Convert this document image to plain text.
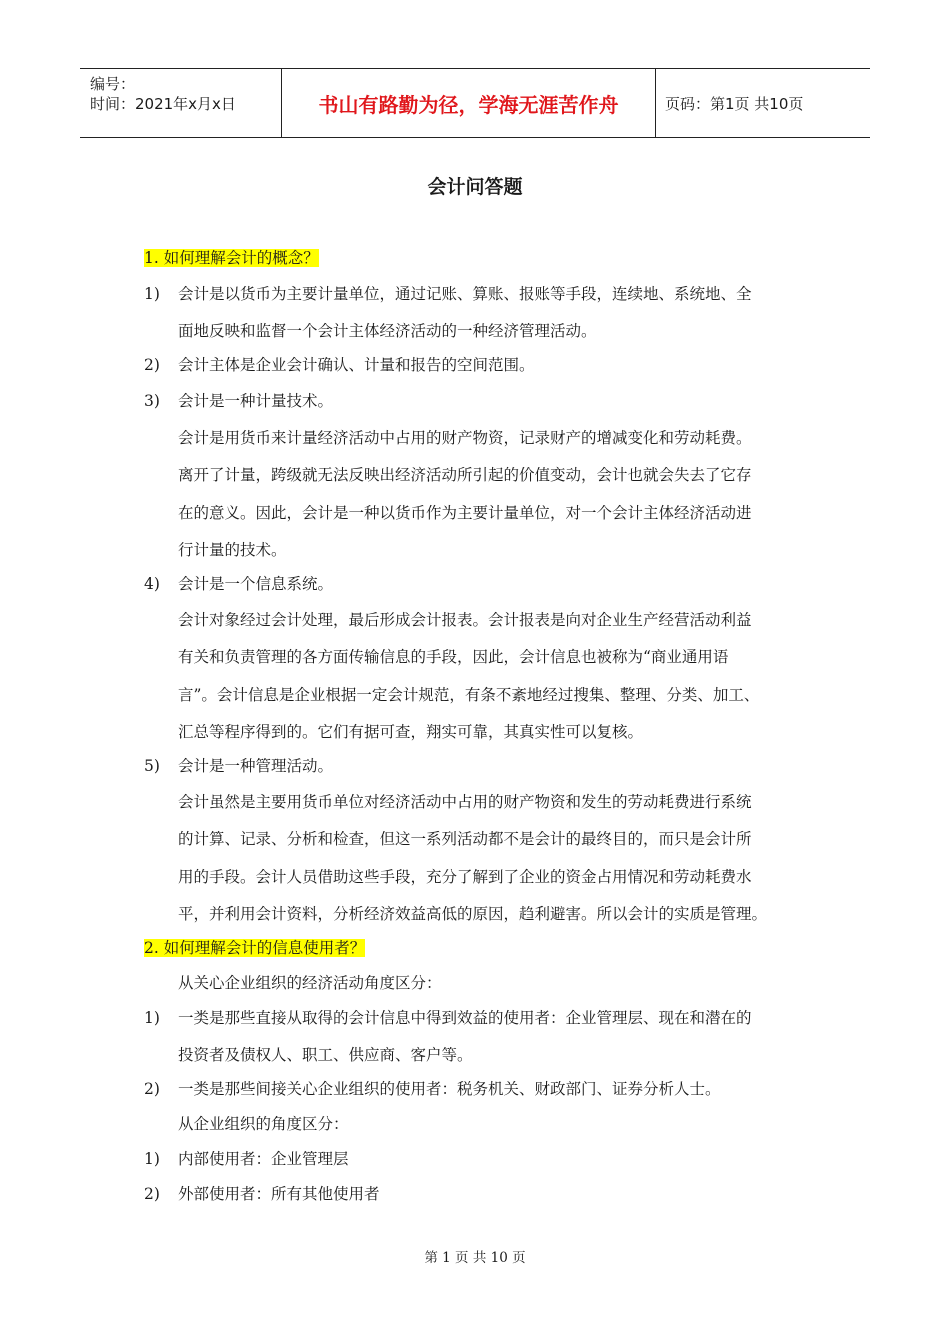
编号：
时间：2021年x月x日	书山有路勤为径，学海无涯苦作舟	页码：第1页 共10页
会计问答题
1. 如何理解会计的概念？
1) 会计是以货币为主要计量单位，通过记账、算账、报账等手段，连续地、系统地、全
面地反映和监督一个会计主体经济活动的一种经济管理活动。
2) 会计主体是企业会计确认、计量和报告的空间范围。
3) 会计是一种计量技术。
会计是用货币来计量经济活动中占用的财产物资，记录财产的增减变化和劳动耗费。
离开了计量，跨级就无法反映出经济活动所引起的价值变动，会计也就会失去了它存
在的意义。因此，会计是一种以货币作为主要计量单位，对一个会计主体经济活动进
行计量的技术。
4) 会计是一个信息系统。
会计对象经过会计处理，最后形成会计报表。会计报表是向对企业生产经营活动利益
有关和负责管理的各方面传输信息的手段，因此，会计信息也被称为“商业通用语
言”。会计信息是企业根据一定会计规范，有条不紊地经过搜集、整理、分类、加工、
汇总等程序得到的。它们有据可查，翔实可靠，其真实性可以复核。
5) 会计是一种管理活动。
会计虽然是主要用货币单位对经济活动中占用的财产物资和发生的劳动耗费进行系统
的计算、记录、分析和检查，但这一系列活动都不是会计的最终目的，而只是会计所
用的手段。会计人员借助这些手段，充分了解到了企业的资金占用情况和劳动耗费水
平，并利用会计资料，分析经济效益高低的原因，趋利避害。所以会计的实质是管理。
2. 如何理解会计的信息使用者？
从关心企业组织的经济活动角度区分：
1) 一类是那些直接从取得的会计信息中得到效益的使用者：企业管理层、现在和潜在的
投资者及债权人、职工、供应商、客户等。
2) 一类是那些间接关心企业组织的使用者：税务机关、财政部门、证券分析人士。
从企业组织的角度区分：
1) 内部使用者：企业管理层
2) 外部使用者：所有其他使用者
第 1 页 共 10 页
